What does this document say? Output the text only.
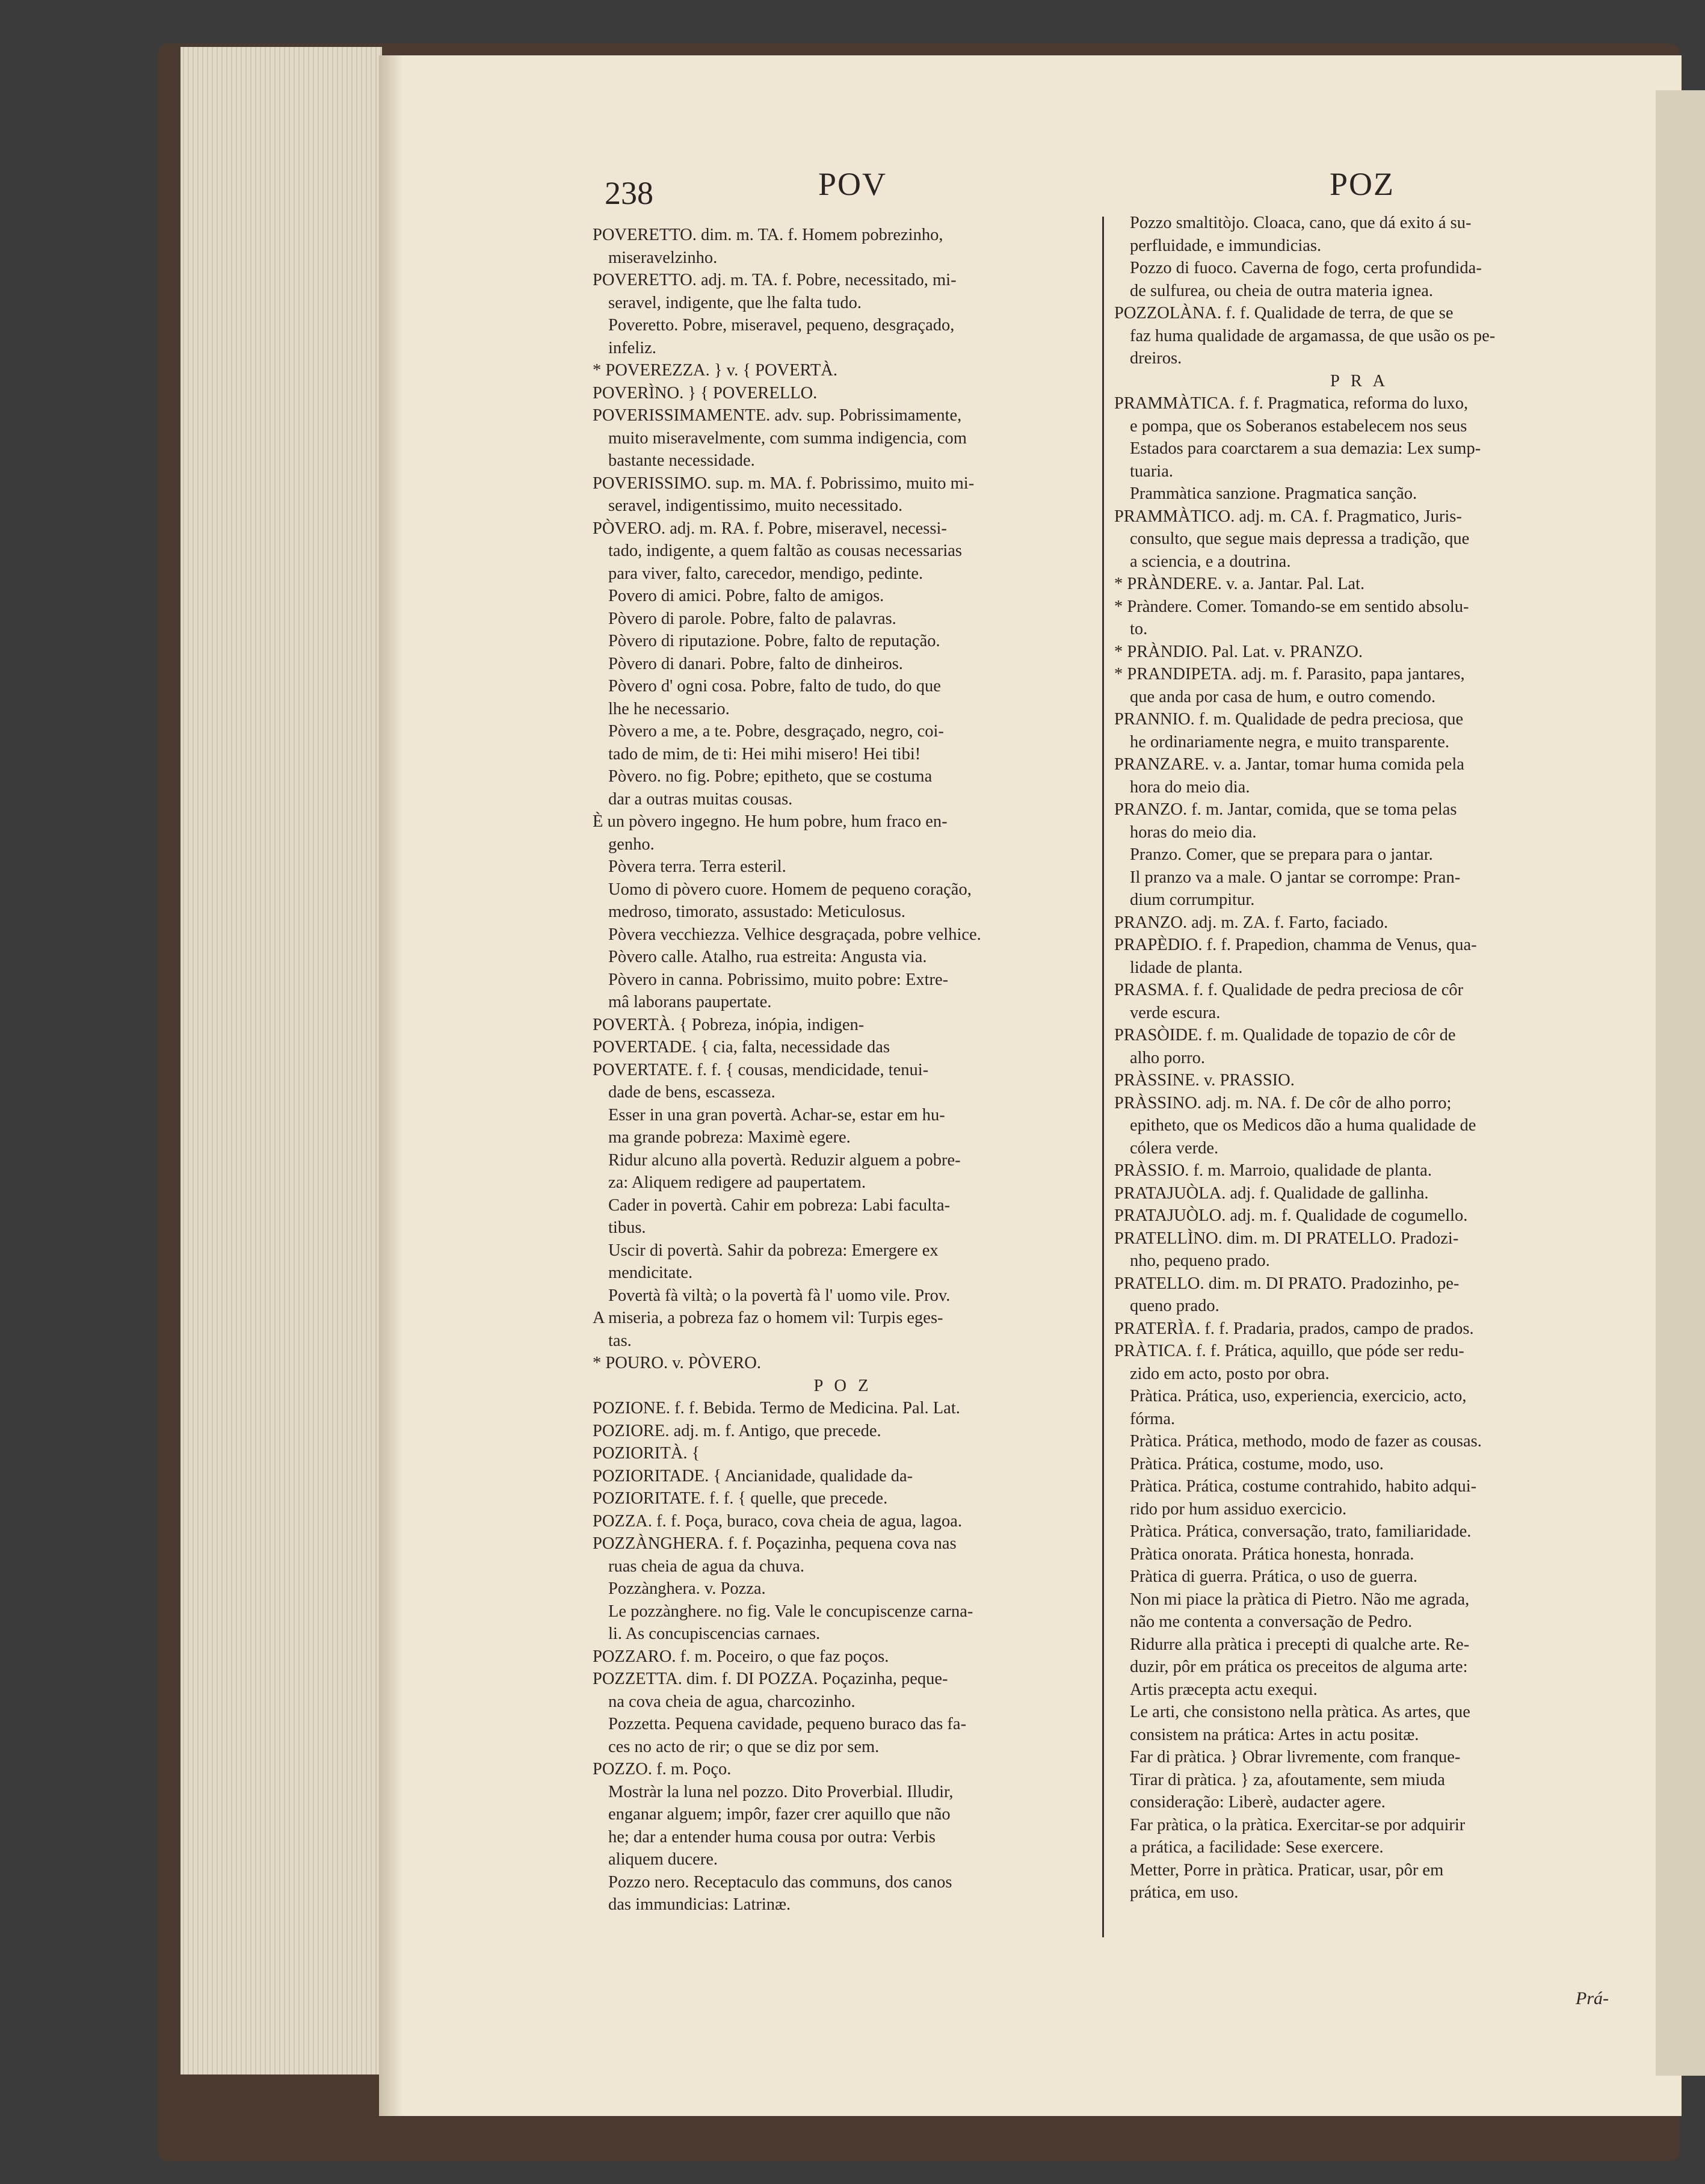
238	POV	POZ
POVERETTO. dim. m. TA. f. Homem pobrezinho,
miseravelzinho.
POVERETTO. adj. m. TA. f. Pobre, necessitado, mi-
seravel, indigente, que lhe falta tudo.
Poveretto. Pobre, miseravel, pequeno, desgraçado,
infeliz.
* POVEREZZA. } v. { POVERTÀ.
POVERÌNO. } { POVERELLO.
POVERISSIMAMENTE. adv. sup. Pobrissimamente,
muito miseravelmente, com summa indigencia, com
bastante necessidade.
POVERISSIMO. sup. m. MA. f. Pobrissimo, muito mi-
seravel, indigentissimo, muito necessitado.
PÒVERO. adj. m. RA. f. Pobre, miseravel, necessi-
tado, indigente, a quem faltão as cousas necessarias
para viver, falto, carecedor, mendigo, pedinte.
Povero di amici. Pobre, falto de amigos.
Pòvero di parole. Pobre, falto de palavras.
Pòvero di riputazione. Pobre, falto de reputação.
Pòvero di danari. Pobre, falto de dinheiros.
Pòvero d' ogni cosa. Pobre, falto de tudo, do que
lhe he necessario.
Pòvero a me, a te. Pobre, desgraçado, negro, coi-
tado de mim, de ti: Hei mihi misero! Hei tibi!
Pòvero. no fig. Pobre; epitheto, que se costuma
dar a outras muitas cousas.
È un pòvero ingegno. He hum pobre, hum fraco en-
genho.
Pòvera terra. Terra esteril.
Uomo di pòvero cuore. Homem de pequeno coração,
medroso, timorato, assustado: Meticulosus.
Pòvera vecchiezza. Velhice desgraçada, pobre velhice.
Pòvero calle. Atalho, rua estreita: Angusta via.
Pòvero in canna. Pobrissimo, muito pobre: Extre-
mâ laborans paupertate.
POVERTÀ. { Pobreza, inópia, indigen-
POVERTADE. { cia, falta, necessidade das
POVERTATE. f. f. { cousas, mendicidade, tenui-
dade de bens, escasseza.
Esser in una gran povertà. Achar-se, estar em hu-
ma grande pobreza: Maximè egere.
Ridur alcuno alla povertà. Reduzir alguem a pobre-
za: Aliquem redigere ad paupertatem.
Cader in povertà. Cahir em pobreza: Labi faculta-
tibus.
Uscir di povertà. Sahir da pobreza: Emergere ex
mendicitate.
Povertà fà viltà; o la povertà fà l' uomo vile. Prov.
A miseria, a pobreza faz o homem vil: Turpis eges-
tas.
* POURO. v. PÒVERO.
P O Z
POZIONE. f. f. Bebida. Termo de Medicina. Pal. Lat.
POZIORE. adj. m. f. Antigo, que precede.
POZIORITÀ. {
POZIORITADE. { Ancianidade, qualidade da-
POZIORITATE. f. f. { quelle, que precede.
POZZA. f. f. Poça, buraco, cova cheia de agua, lagoa.
POZZÀNGHERA. f. f. Poçazinha, pequena cova nas
ruas cheia de agua da chuva.
Pozzànghera. v. Pozza.
Le pozzànghere. no fig. Vale le concupiscenze carna-
li. As concupiscencias carnaes.
POZZARO. f. m. Poceiro, o que faz poços.
POZZETTA. dim. f. DI POZZA. Poçazinha, peque-
na cova cheia de agua, charcozinho.
Pozzetta. Pequena cavidade, pequeno buraco das fa-
ces no acto de rir; o que se diz por sem.
POZZO. f. m. Poço.
Mostràr la luna nel pozzo. Dito Proverbial. Illudir,
enganar alguem; impôr, fazer crer aquillo que não
he; dar a entender huma cousa por outra: Verbis
aliquem ducere.
Pozzo nero. Receptaculo das communs, dos canos
das immundicias: Latrinæ.
Pozzo smaltitòjo. Cloaca, cano, que dá exito á su-
perfluidade, e immundicias.
Pozzo di fuoco. Caverna de fogo, certa profundida-
de sulfurea, ou cheia de outra materia ignea.
POZZOLÀNA. f. f. Qualidade de terra, de que se
faz huma qualidade de argamassa, de que usão os pe-
dreiros.
P R A
PRAMMÀTICA. f. f. Pragmatica, reforma do luxo,
e pompa, que os Soberanos estabelecem nos seus
Estados para coarctarem a sua demazia: Lex sump-
tuaria.
Prammàtica sanzione. Pragmatica sanção.
PRAMMÀTICO. adj. m. CA. f. Pragmatico, Juris-
consulto, que segue mais depressa a tradição, que
a sciencia, e a doutrina.
* PRÀNDERE. v. a. Jantar. Pal. Lat.
* Pràndere. Comer. Tomando-se em sentido absolu-
to.
* PRÀNDIO. Pal. Lat. v. PRANZO.
* PRANDIPETA. adj. m. f. Parasito, papa jantares,
que anda por casa de hum, e outro comendo.
PRANNIO. f. m. Qualidade de pedra preciosa, que
he ordinariamente negra, e muito transparente.
PRANZARE. v. a. Jantar, tomar huma comida pela
hora do meio dia.
PRANZO. f. m. Jantar, comida, que se toma pelas
horas do meio dia.
Pranzo. Comer, que se prepara para o jantar.
Il pranzo va a male. O jantar se corrompe: Pran-
dium corrumpitur.
PRANZO. adj. m. ZA. f. Farto, faciado.
PRAPÈDIO. f. f. Prapedion, chamma de Venus, qua-
lidade de planta.
PRASMA. f. f. Qualidade de pedra preciosa de côr
verde escura.
PRASÒIDE. f. m. Qualidade de topazio de côr de
alho porro.
PRÀSSINE. v. PRASSIO.
PRÀSSINO. adj. m. NA. f. De côr de alho porro;
epitheto, que os Medicos dão a huma qualidade de
cólera verde.
PRÀSSIO. f. m. Marroio, qualidade de planta.
PRATAJUÒLA. adj. f. Qualidade de gallinha.
PRATAJUÒLO. adj. m. f. Qualidade de cogumello.
PRATELLÌNO. dim. m. DI PRATELLO. Pradozi-
nho, pequeno prado.
PRATELLO. dim. m. DI PRATO. Pradozinho, pe-
queno prado.
PRATERÌA. f. f. Pradaria, prados, campo de prados.
PRÀTICA. f. f. Prática, aquillo, que póde ser redu-
zido em acto, posto por obra.
Pràtica. Prática, uso, experiencia, exercicio, acto,
fórma.
Pràtica. Prática, methodo, modo de fazer as cousas.
Pràtica. Prática, costume, modo, uso.
Pràtica. Prática, costume contrahido, habito adqui-
rido por hum assiduo exercicio.
Pràtica. Prática, conversação, trato, familiaridade.
Pràtica onorata. Prática honesta, honrada.
Pràtica di guerra. Prática, o uso de guerra.
Non mi piace la pràtica di Pietro. Não me agrada,
não me contenta a conversação de Pedro.
Ridurre alla pràtica i precepti di qualche arte. Re-
duzir, pôr em prática os preceitos de alguma arte:
Artis præcepta actu exequi.
Le arti, che consistono nella pràtica. As artes, que
consistem na prática: Artes in actu positæ.
Far di pràtica. } Obrar livremente, com franque-
Tirar di pràtica. } za, afoutamente, sem miuda
consideração: Liberè, audacter agere.
Far pràtica, o la pràtica. Exercitar-se por adquirir
a prática, a facilidade: Sese exercere.
Metter, Porre in pràtica. Praticar, usar, pôr em
prática, em uso.
Prá-
